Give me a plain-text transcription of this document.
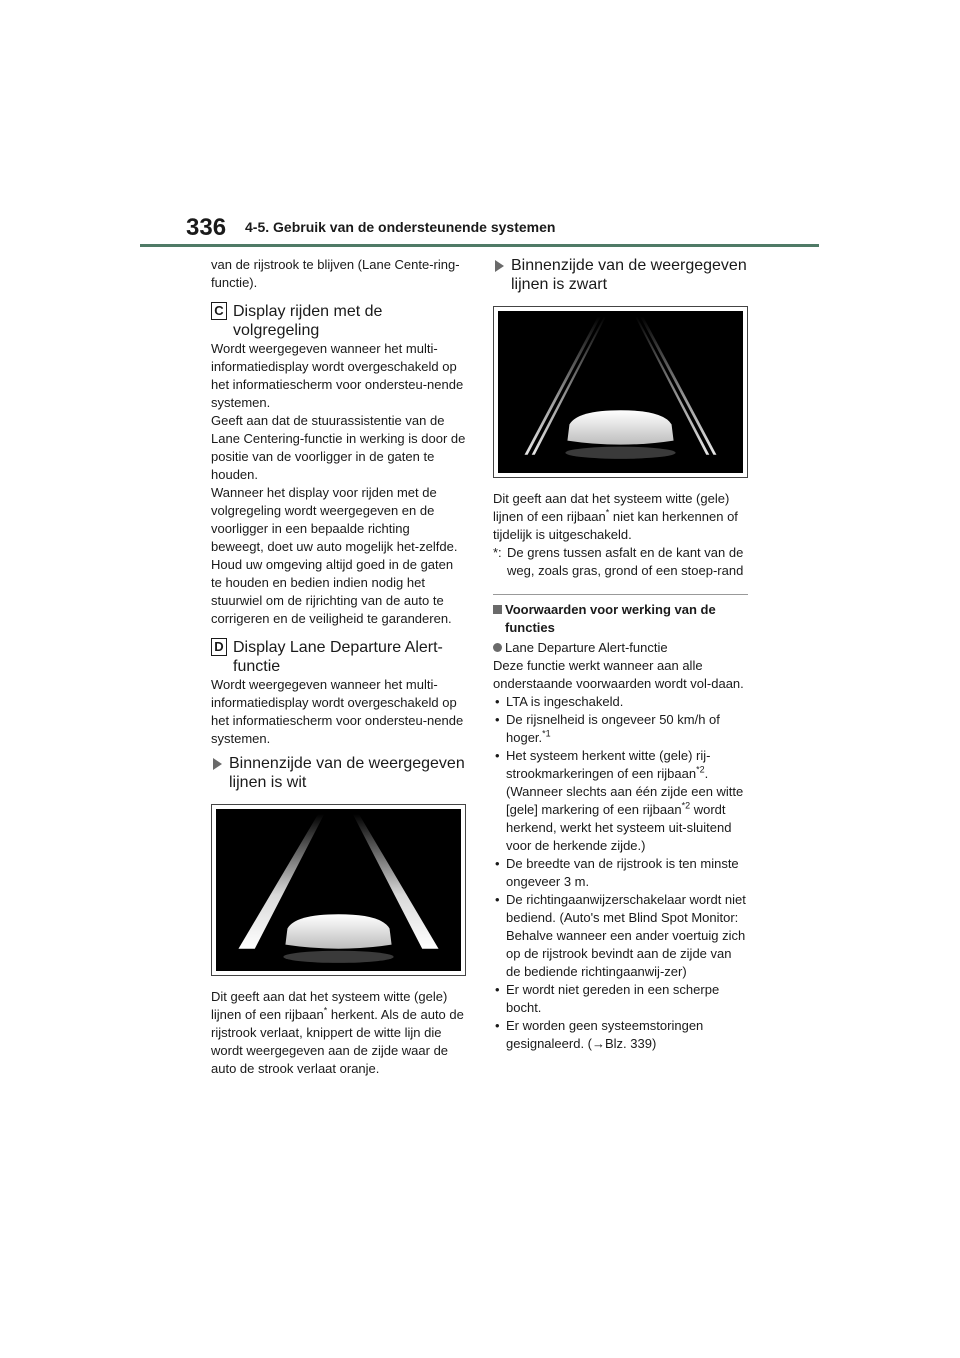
336 4-5. Gebruik van de ondersteunende systemen

van de rijstrook te blijven (Lane Cente-ring-functie).

C Display rijden met de volgregeling

Wordt weergegeven wanneer het multi-informatiedisplay wordt overgeschakeld op het informatiescherm voor ondersteu-nende systemen.

Geeft aan dat de stuurassistentie van de Lane Centering-functie in werking is door de positie van de voorligger in de gaten te houden.

Wanneer het display voor rijden met de volgregeling wordt weergegeven en de voorligger in een bepaalde richting beweegt, doet uw auto mogelijk het-zelfde. Houd uw omgeving altijd goed in de gaten te houden en bedien indien nodig het stuurwiel om de rijrichting van de auto te corrigeren en de veiligheid te garanderen.

D Display Lane Departure Alert-functie

Wordt weergegeven wanneer het multi-informatiedisplay wordt overgeschakeld op het informatiescherm voor ondersteu-nende systemen.

Binnenzijde van de weergegeven lijnen is wit

Dit geeft aan dat het systeem witte (gele) lijnen of een rijbaan* herkent. Als de auto de rijstrook verlaat, knippert de witte lijn die wordt weergegeven aan de zijde waar de auto de strook verlaat oranje.

Binnenzijde van de weergegeven lijnen is zwart

Dit geeft aan dat het systeem witte (gele) lijnen of een rijbaan* niet kan herkennen of tijdelijk is uitgeschakeld.

*: De grens tussen asfalt en de kant van de weg, zoals gras, grond of een stoep-rand

Voorwaarden voor werking van de functies
Lane Departure Alert-functie

Deze functie werkt wanneer aan alle onderstaande voorwaarden wordt vol-daan.

• LTA is ingeschakeld.
• De rijsnelheid is ongeveer 50 km/h of hoger.$^{*1}$
• Het systeem herkent witte (gele) rij-strookmarkeringen of een rijbaan$^{*2}$. (Wanneer slechts aan één zijde een witte [gele] markering of een rijbaan$^{*2}$ wordt herkend, werkt het systeem uit-sluitend voor de herkende zijde.)
• De breedte van de rijstrook is ten minste ongeveer 3 m.
• De richtingaanwijzerschakelaar wordt niet bediend. (Auto's met Blind Spot Monitor: Behalve wanneer een ander voertuig zich op de rijstrook bevindt aan de zijde van de bediende richtingaanwij-zer)
• Er wordt niet gereden in een scherpe bocht.
• Er worden geen systeemstoringen gesignaleerd. (→Blz. 339)
